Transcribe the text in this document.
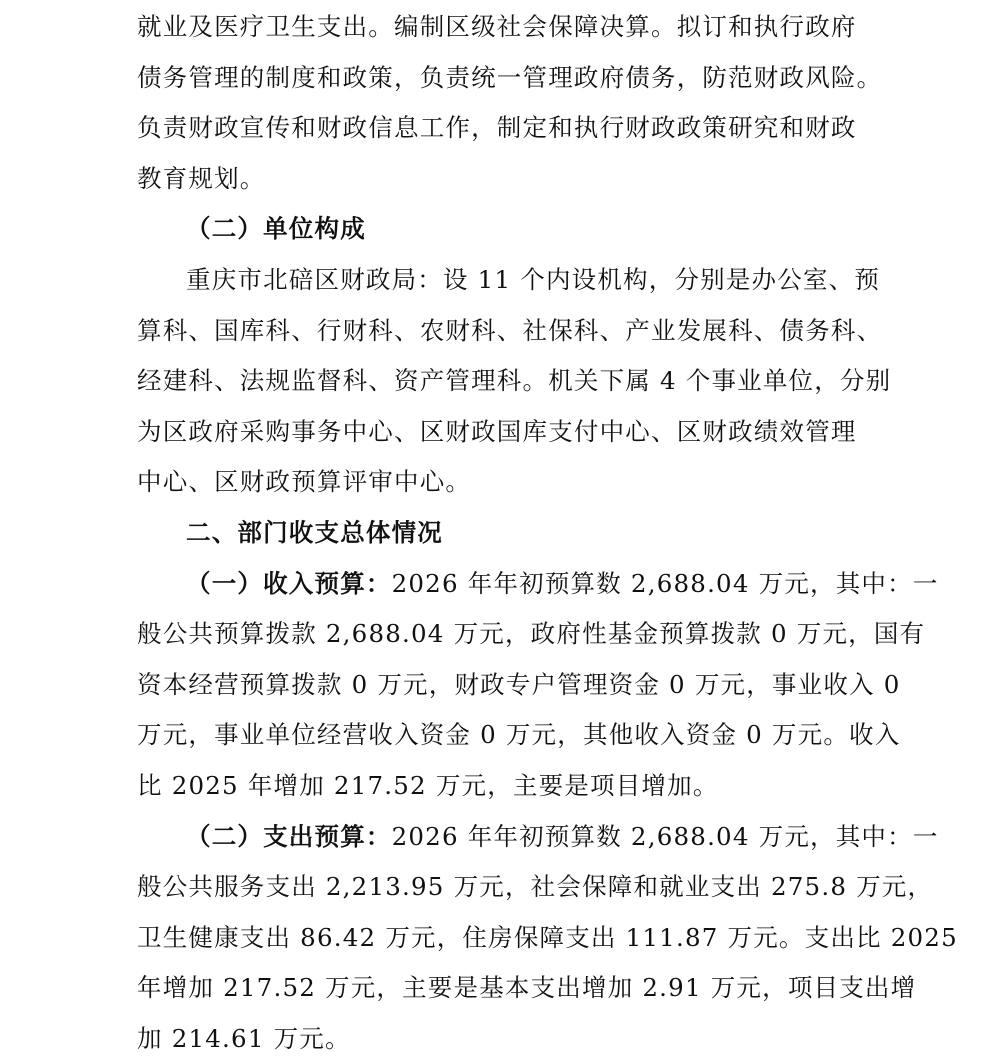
就业及医疗卫生支出。编制区级社会保障决算。拟订和执行政府
债务管理的制度和政策，负责统一管理政府债务，防范财政风险。
负责财政宣传和财政信息工作，制定和执行财政政策研究和财政
教育规划。

（二）单位构成

重庆市北碚区财政局：设 11 个内设机构，分别是办公室、预
算科、国库科、行财科、农财科、社保科、产业发展科、债务科、
经建科、法规监督科、资产管理科。机关下属 4 个事业单位，分别
为区政府采购事务中心、区财政国库支付中心、区财政绩效管理
中心、区财政预算评审中心。

二、部门收支总体情况

（一）收入预算：2026 年年初预算数 2,688.04 万元，其中：一
般公共预算拨款 2,688.04 万元，政府性基金预算拨款 0 万元，国有
资本经营预算拨款 0 万元，财政专户管理资金 0 万元，事业收入 0
万元，事业单位经营收入资金 0 万元，其他收入资金 0 万元。收入
比 2025 年增加 217.52 万元，主要是项目增加。

（二）支出预算：2026 年年初预算数 2,688.04 万元，其中：一
般公共服务支出 2,213.95 万元，社会保障和就业支出 275.8 万元，
卫生健康支出 86.42 万元，住房保障支出 111.87 万元。支出比 2025
年增加 217.52 万元，主要是基本支出增加 2.91 万元，项目支出增
加 214.61 万元。
